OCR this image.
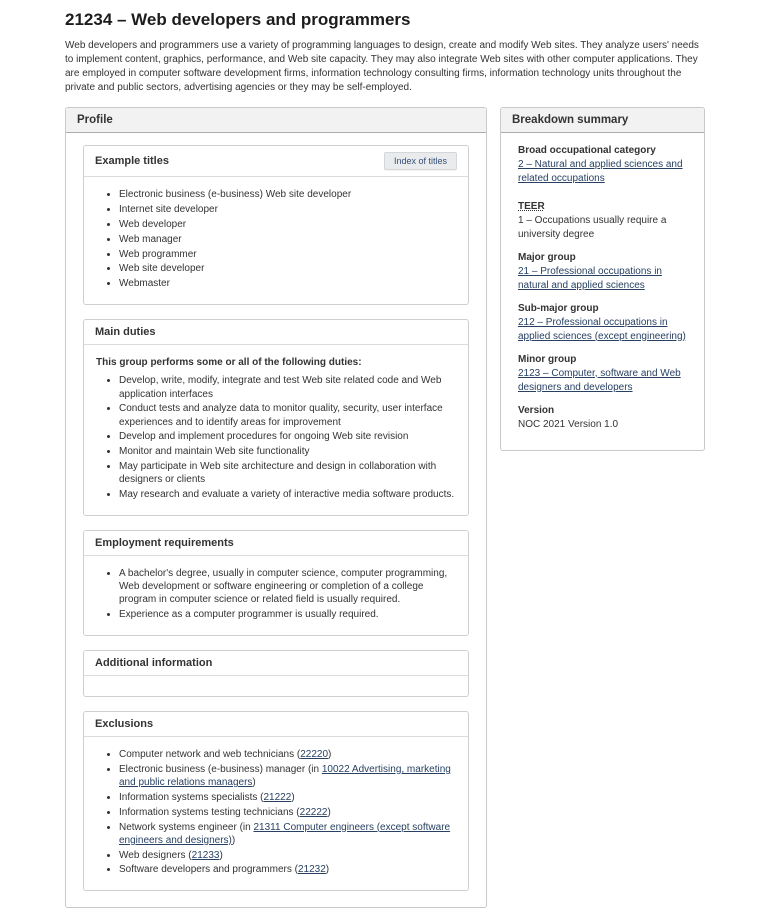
21234 – Web developers and programmers

Web developers and programmers use a variety of programming languages to design, create and modify Web sites. They analyze users' needs to implement content, graphics, performance, and Web site capacity. They may also integrate Web sites with other computer applications. They are employed in computer software development firms, information technology consulting firms, information technology units throughout the private and public sectors, advertising agencies or they may be self-employed.

Profile
Example titles	Index of titles
• Electronic business (e-business) Web site developer
• Internet site developer
• Web developer
• Web manager
• Web programmer
• Web site developer
• Webmaster
Main duties

This group performs some or all of the following duties:

• Develop, write, modify, integrate and test Web site related code and Web application interfaces
• Conduct tests and analyze data to monitor quality, security, user interface experiences and to identify areas for improvement
• Develop and implement procedures for ongoing Web site revision
• Monitor and maintain Web site functionality
• May participate in Web site architecture and design in collaboration with designers or clients
• May research and evaluate a variety of interactive media software products.
Employment requirements
• A bachelor's degree, usually in computer science, computer programming, Web development or software engineering or completion of a college program in computer science or related field is usually required.
• Experience as a computer programmer is usually required.
Additional information
Exclusions
• Computer network and web technicians (22220)
• Electronic business (e-business) manager (in 10022 Advertising, marketing and public relations managers)
• Information systems specialists (21222)
• Information systems testing technicians (22222)
• Network systems engineer (in 21311 Computer engineers (except software engineers and designers))
• Web designers (21233)
• Software developers and programmers (21232)
Breakdown summary
Broad occupational category
2 – Natural and applied sciences and related occupations
TEER
1 – Occupations usually require a university degree
Major group
21 – Professional occupations in natural and applied sciences
Sub-major group
212 – Professional occupations in applied sciences (except engineering)
Minor group
2123 – Computer, software and Web designers and developers
Version
NOC 2021 Version 1.0
